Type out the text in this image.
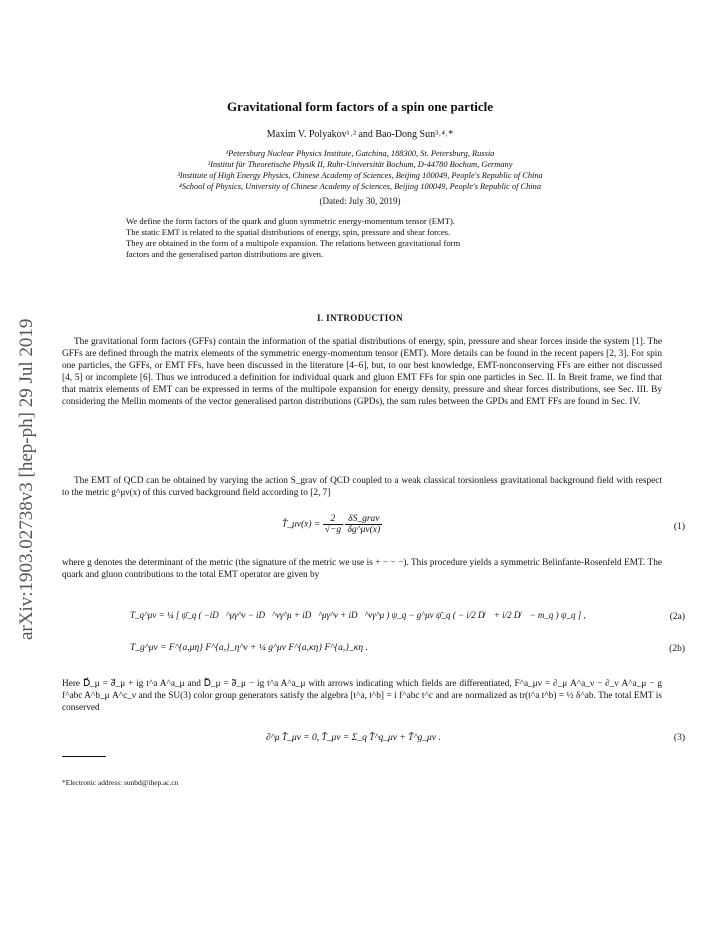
arXiv:1903.02738v3 [hep-ph] 29 Jul 2019
Gravitational form factors of a spin one particle
Maxim V. Polyakov¹˒² and Bao-Dong Sun³˒⁴˒*
¹Petersburg Nuclear Physics Institute, Gatchina, 188300, St. Petersburg, Russia
²Institut für Theoretische Physik II, Ruhr-Universität Bochum, D-44780 Bochum, Germany
³Institute of High Energy Physics, Chinese Academy of Sciences, Beijing 100049, People's Republic of China
⁴School of Physics, University of Chinese Academy of Sciences, Beijing 100049, People's Republic of China
(Dated: July 30, 2019)
We define the form factors of the quark and gluon symmetric energy-momentum tensor (EMT).
The static EMT is related to the spatial distributions of energy, spin, pressure and shear forces.
They are obtained in the form of a multipole expansion. The relations between gravitational form
factors and the generalised parton distributions are given.
I. INTRODUCTION
The gravitational form factors (GFFs) contain the information of the spatial distributions of energy, spin, pressure and shear forces inside the system [1]. The GFFs are defined through the matrix elements of the symmetric energy-momentum tensor (EMT). More details can be found in the recent papers [2, 3]. For spin one particles, the GFFs, or EMT FFs, have been discussed in the literature [4–6], but, to our best knowledge, EMT-nonconserving FFs are either not discussed [4, 5] or incomplete [6]. Thus we introduced a definition for individual quark and gluon EMT FFs for spin one particles in Sec. II. In Breit frame, we find that that matrix elements of EMT can be expressed in terms of the multipole expansion for energy density, pressure and shear forces distributions, see Sec. III. By considering the Mellin moments of the vector generalised parton distributions (GPDs), the sum rules between the GPDs and EMT FFs are found in Sec. IV.
The EMT of QCD can be obtained by varying the action S_grav of QCD coupled to a weak classical torsionless gravitational background field with respect to the metric g^μν(x) of this curved background field according to [2, 7]
T̂_μν(x) = $\frac{2}{√-g}$
$\frac{\text{δS\_grav}}{\delta g\^{}\mu\nu(x)}$	(1)
where g denotes the determinant of the metric (the signature of the metric we use is + − − −). This procedure yields a symmetric Belinfante-Rosenfeld EMT. The quark and gluon contributions to the total EMT operator are given by
T_q^μν = ¼ [ ψ̄_q ( −iD⃖^μγ^ν − iD⃖^νγ^μ + iD⃗^μγ^ν + iD⃗^νγ^μ ) ψ_q − g^μν ψ̄_q ( − i/2 D̸⃖ + i/2 D̸⃗ − m_q ) ψ_q ] ,	(2a)
T_g^μν = F^{a,μη} F^{a,}_η^ν + ¼ g^μν F^{a,κη} F^{a,}_κη .	(2b)
Here D⃗_μ = ∂⃗_μ + ig t^a A^a_μ and D⃖_μ = ∂⃖_μ − ig t^a A^a_μ with arrows indicating which fields are differentiated, F^a_μν = ∂_μ A^a_ν − ∂_ν A^a_μ − g f^abc A^b_μ A^c_ν and the SU(3) color group generators satisfy the algebra [t^a, t^b] = i f^abc t^c and are normalized as tr(t^a t^b) = ½ δ^ab. The total EMT is conserved
∂^μ T̂_μν = 0, T̂_μν = Σ_q T̂^q_μν + T̂^g_μν .	(3)
*Electronic address: sunbd@ihep.ac.cn
